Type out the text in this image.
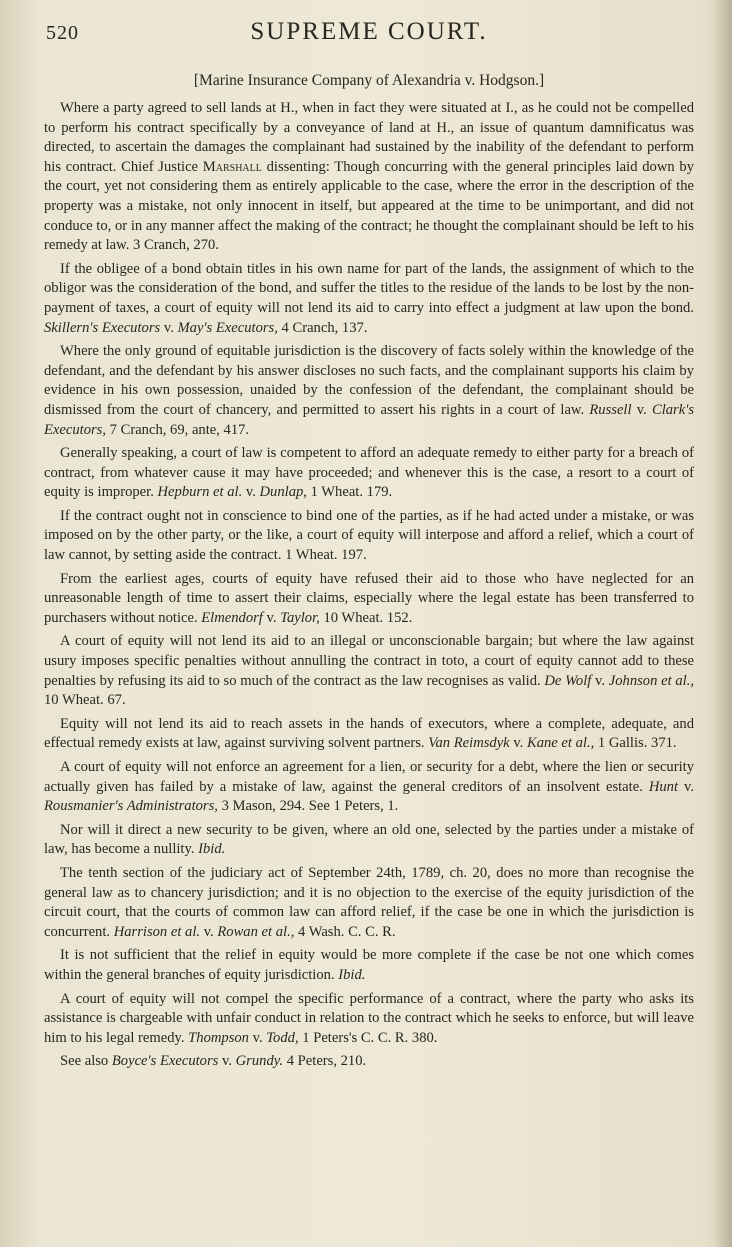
520	SUPREME COURT.
[Marine Insurance Company of Alexandria v. Hodgson.]

Where a party agreed to sell lands at H., when in fact they were situated at I., as he could not be compelled to perform his contract specifically by a conveyance of land at H., an issue of quantum damnificatus was directed, to ascertain the damages the complainant had sustained by the inability of the defendant to perform his contract. Chief Justice Marshall dissenting: Though concurring with the general principles laid down by the court, yet not considering them as entirely applicable to the case, where the error in the description of the property was a mistake, not only innocent in itself, but appeared at the time to be unimportant, and did not conduce to, or in any manner affect the making of the contract; he thought the complainant should be left to his remedy at law. 3 Cranch, 270.

If the obligee of a bond obtain titles in his own name for part of the lands, the assignment of which to the obligor was the consideration of the bond, and suffer the titles to the residue of the lands to be lost by the non-payment of taxes, a court of equity will not lend its aid to carry into effect a judgment at law upon the bond. Skillern's Executors v. May's Executors, 4 Cranch, 137.

Where the only ground of equitable jurisdiction is the discovery of facts solely within the knowledge of the defendant, and the defendant by his answer discloses no such facts, and the complainant supports his claim by evidence in his own possession, unaided by the confession of the defendant, the complainant should be dismissed from the court of chancery, and permitted to assert his rights in a court of law. Russell v. Clark's Executors, 7 Cranch, 69, ante, 417.

Generally speaking, a court of law is competent to afford an adequate remedy to either party for a breach of contract, from whatever cause it may have proceeded; and whenever this is the case, a resort to a court of equity is improper. Hepburn et al. v. Dunlap, 1 Wheat. 179.

If the contract ought not in conscience to bind one of the parties, as if he had acted under a mistake, or was imposed on by the other party, or the like, a court of equity will interpose and afford a relief, which a court of law cannot, by setting aside the contract. 1 Wheat. 197.

From the earliest ages, courts of equity have refused their aid to those who have neglected for an unreasonable length of time to assert their claims, especially where the legal estate has been transferred to purchasers without notice. Elmendorf v. Taylor, 10 Wheat. 152.

A court of equity will not lend its aid to an illegal or unconscionable bargain; but where the law against usury imposes specific penalties without annulling the contract in toto, a court of equity cannot add to these penalties by refusing its aid to so much of the contract as the law recognises as valid. De Wolf v. Johnson et al., 10 Wheat. 67.

Equity will not lend its aid to reach assets in the hands of executors, where a complete, adequate, and effectual remedy exists at law, against surviving solvent partners. Van Reimsdyk v. Kane et al., 1 Gallis. 371.

A court of equity will not enforce an agreement for a lien, or security for a debt, where the lien or security actually given has failed by a mistake of law, against the general creditors of an insolvent estate. Hunt v. Rousmanier's Administrators, 3 Mason, 294. See 1 Peters, 1.

Nor will it direct a new security to be given, where an old one, selected by the parties under a mistake of law, has become a nullity. Ibid.

The tenth section of the judiciary act of September 24th, 1789, ch. 20, does no more than recognise the general law as to chancery jurisdiction; and it is no objection to the exercise of the equity jurisdiction of the circuit court, that the courts of common law can afford relief, if the case be one in which the jurisdiction is concurrent. Harrison et al. v. Rowan et al., 4 Wash. C. C. R.

It is not sufficient that the relief in equity would be more complete if the case be not one which comes within the general branches of equity jurisdiction. Ibid.

A court of equity will not compel the specific performance of a contract, where the party who asks its assistance is chargeable with unfair conduct in relation to the contract which he seeks to enforce, but will leave him to his legal remedy. Thompson v. Todd, 1 Peters's C. C. R. 380.

See also Boyce's Executors v. Grundy. 4 Peters, 210.
